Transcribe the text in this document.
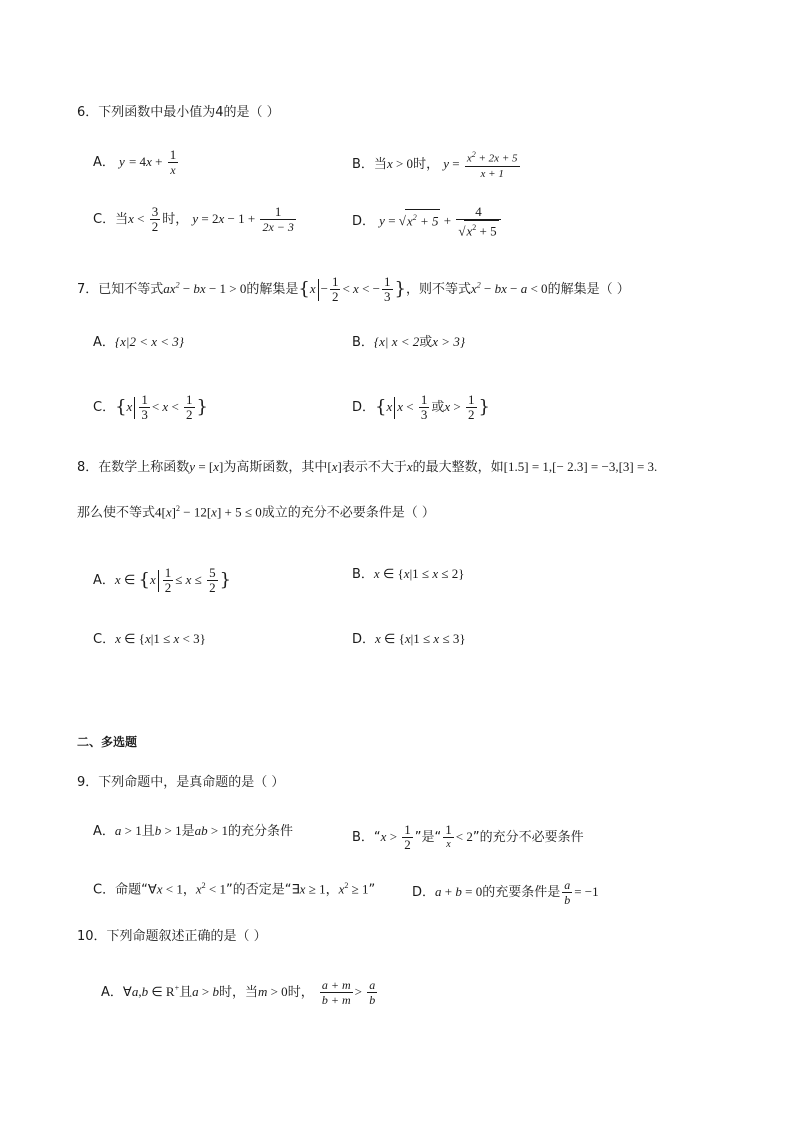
6．下列函数中最小值为4的是（ ）
A． $y = 4x + \frac{1}{x}$	B．当x > 0时， $y = \frac{x^2 + 2x + 5}{x + 1}$
C．当$x < \frac{3}{2}$ 时， $y = 2x - 1 + \frac{1}{2x - 3}$	D． $y = √x^2 + 5 + \frac{4}{√x^2 + 5}$
7．已知不等式$ax^2$ − bx − 1 > 0的解集是{$x - \frac{1}{2} < x$ < − $\frac{1}{3}$ }，则不等式$x^2$ − bx − a < 0的解集是（ ）
A．{x|2 < x < 3}	B．{x| x < 2或x > 3}
C．{$x \frac{1}{3} < x < \frac{1}{2}$ }	D．{x $x < \frac{1}{3}$ 或$x > \frac{1}{2}$ }
8．在数学上称函数y = [x]为高斯函数，其中[x]表示不大于x的最大整数，如[1.5] = 1,[− 2.3] = −3,[3] = 3.
那么使不等式$4[x]^2 - 12[x] + 5 \le 0$成立的充分不必要条件是（ ）
A．x ∈ {$x \frac{1}{2} \le x \le \frac{5}{2}$ }	B．x ∈ {x|1 ≤ x ≤ 2}
C．x ∈ {x|1 ≤ x < 3}	D．x ∈ {x|1 ≤ x ≤ 3}
二、多选题
9．下列命题中，是真命题的是（ ）
A．a > 1且b > 1是ab > 1的充分条件	B．“$x > \frac{1}{2}$ ”是“ $\frac{1}{x} < 2$”的充分不必要条件
C．命题“∀x < 1，$x^2 < 1$”的否定是“∃x ≥ 1，$x^2 \ge 1$”	D．a + b = 0的充要条件是 $\frac{a}{b} = -1$
10．下列命题叙述正确的是（ ）
A．∀a,b ∈ R+且a > b时，当m > 0时， $\frac{a + m}{b + m} > \frac{a}{b}$
